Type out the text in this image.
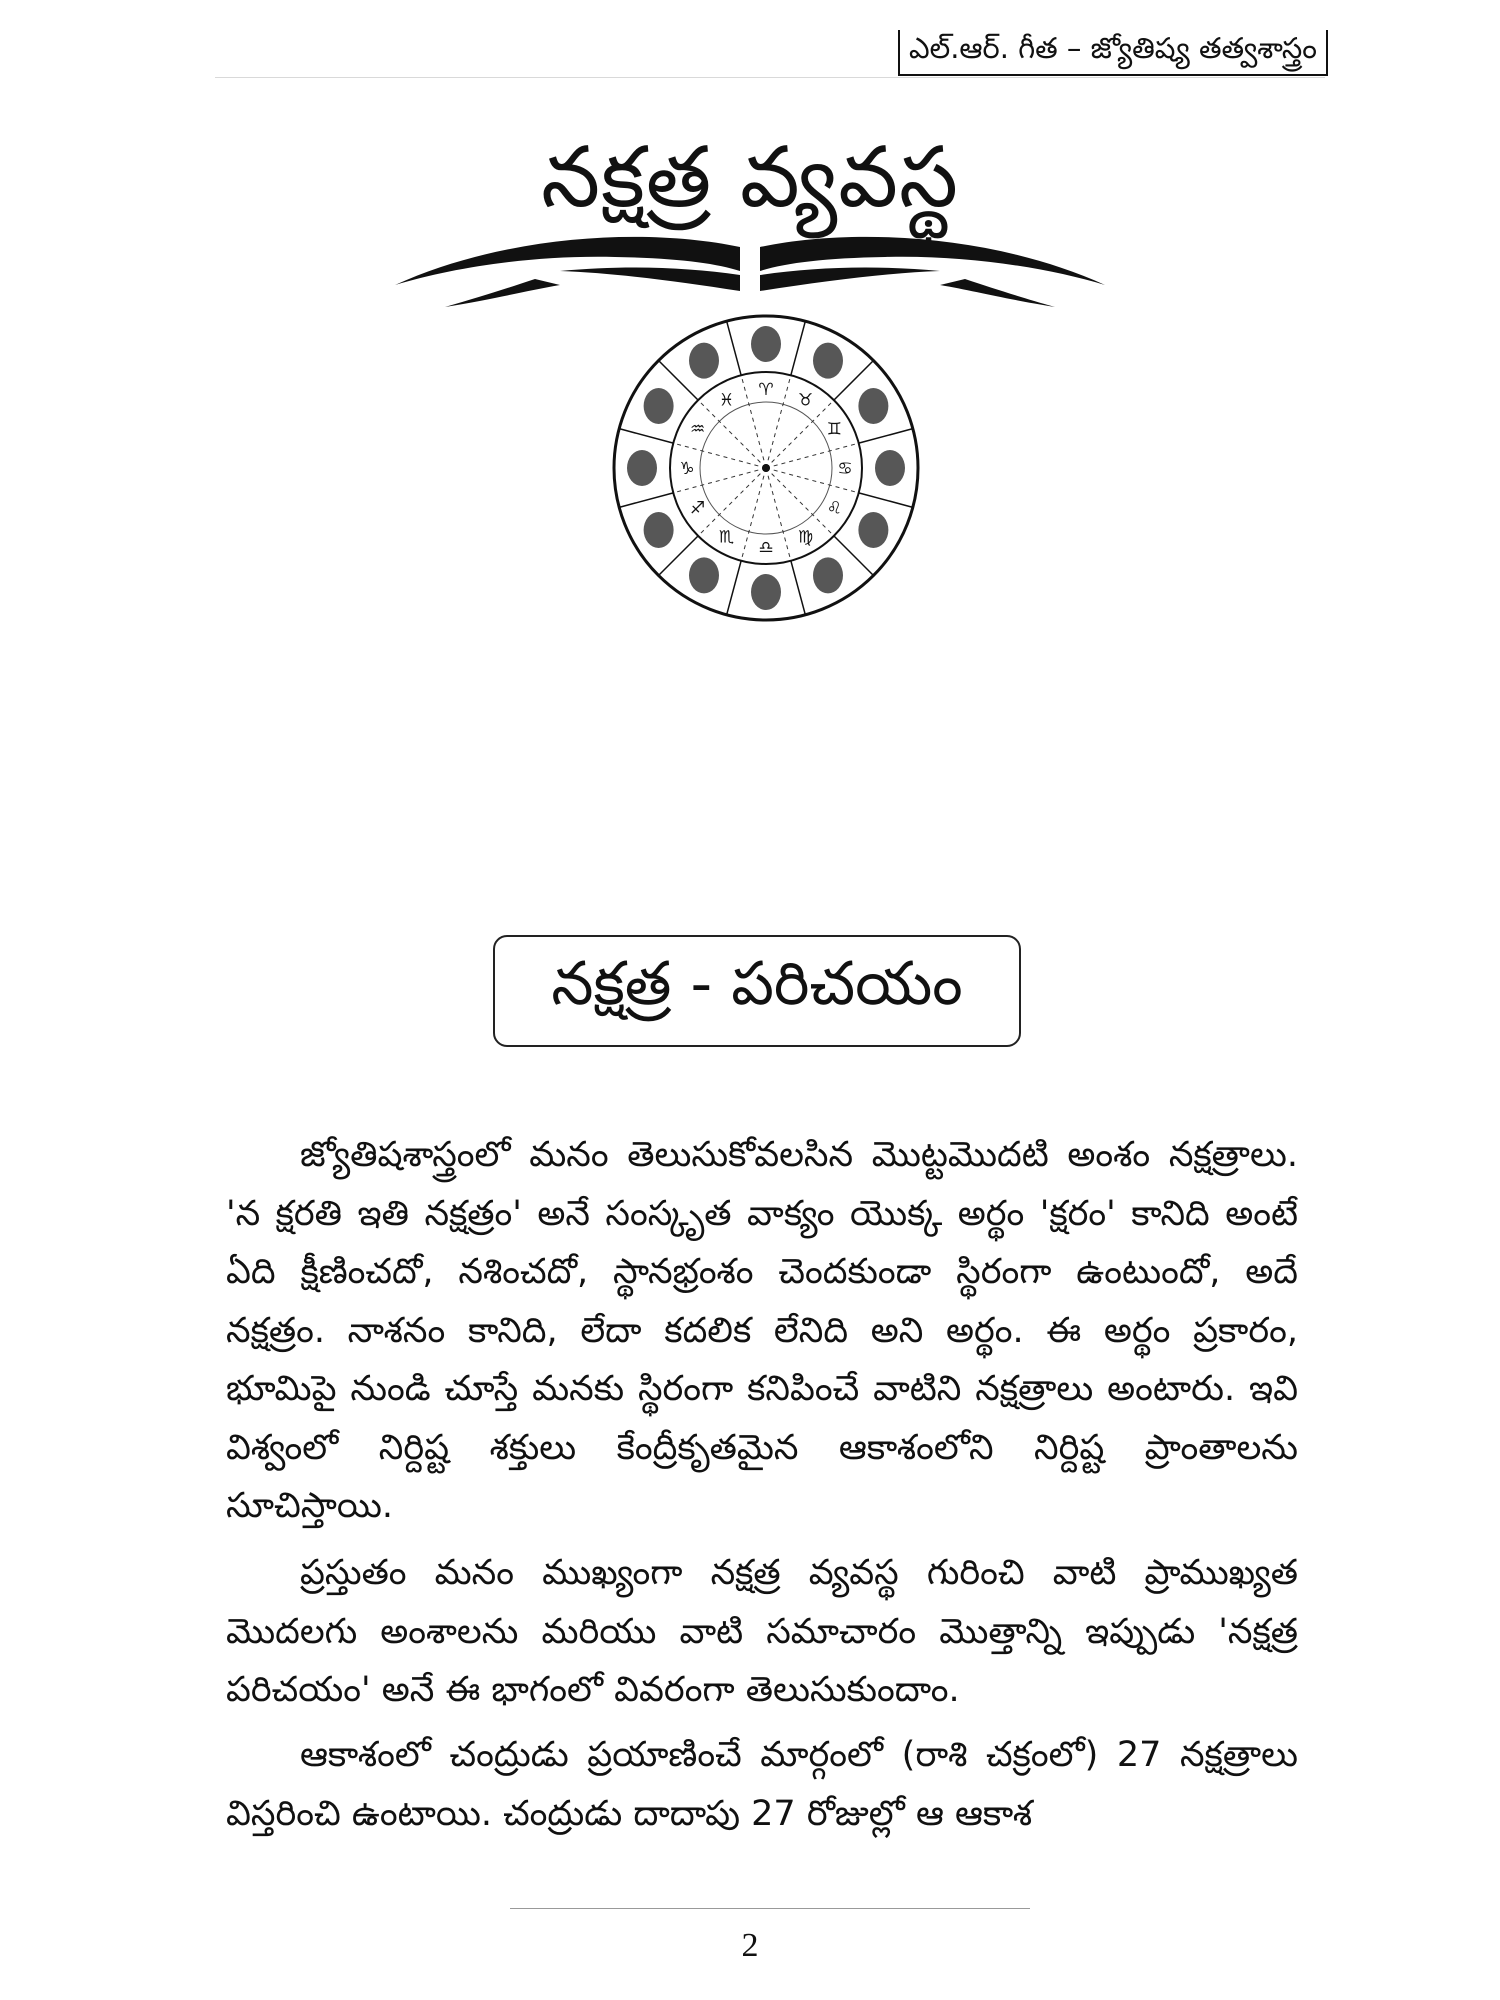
ఎల్.ఆర్. గీత – జ్యోతిష్య తత్వశాస్త్రం
నక్షత్ర వ్యవస్థ
♈
♉
♊
♋
♌
♍
♎
♏
♐
♑
♒
♓
నక్షత్ర - పరిచయం

జ్యోతిషశాస్త్రంలో మనం తెలుసుకోవలసిన మొట్టమొదటి అంశం నక్షత్రాలు. 'న క్షరతి ఇతి నక్షత్రం' అనే సంస్కృత వాక్యం యొక్క అర్థం 'క్షరం' కానిది అంటే ఏది క్షీణించదో, నశించదో, స్థానభ్రంశం చెందకుండా స్థిరంగా ఉంటుందో, అదే నక్షత్రం. నాశనం కానిది, లేదా కదలిక లేనిది అని అర్థం. ఈ అర్థం ప్రకారం, భూమిపై నుండి చూస్తే మనకు స్థిరంగా కనిపించే వాటిని నక్షత్రాలు అంటారు. ఇవి విశ్వంలో నిర్దిష్ట శక్తులు కేంద్రీకృతమైన ఆకాశంలోని నిర్దిష్ట ప్రాంతాలను సూచిస్తాయి.

ప్రస్తుతం మనం ముఖ్యంగా నక్షత్ర వ్యవస్థ గురించి వాటి ప్రాముఖ్యత మొదలగు అంశాలను మరియు వాటి సమాచారం మొత్తాన్ని ఇప్పుడు 'నక్షత్ర పరిచయం' అనే ఈ భాగంలో వివరంగా తెలుసుకుందాం.

ఆకాశంలో చంద్రుడు ప్రయాణించే మార్గంలో (రాశి చక్రంలో) 27 నక్షత్రాలు విస్తరించి ఉంటాయి. చంద్రుడు దాదాపు 27 రోజుల్లో ఆ ఆకాశ

2
